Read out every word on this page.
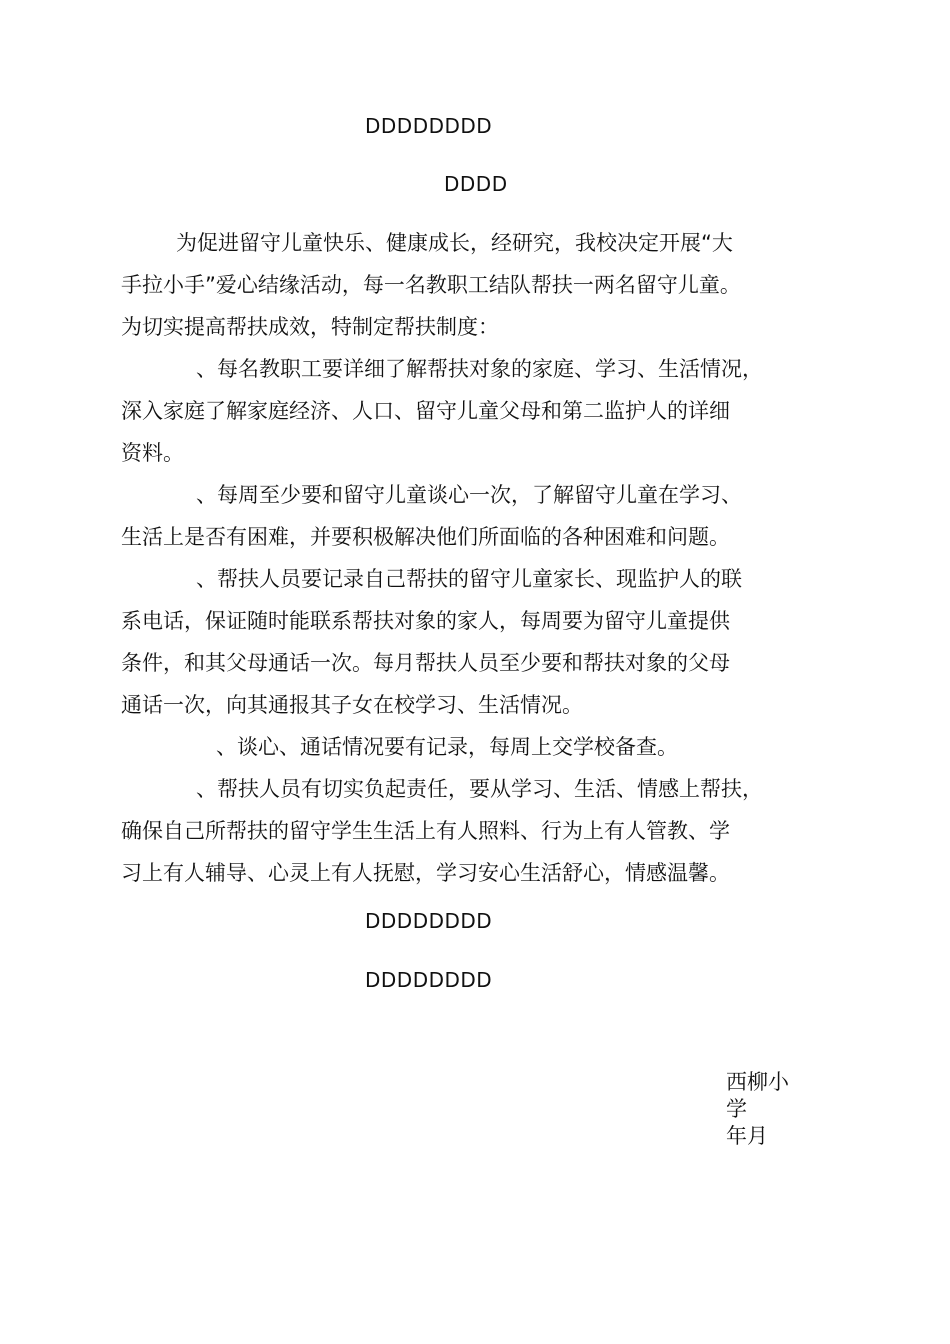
DDDDDDDD
DDDD

为促进留守儿童快乐、健康成长，经研究，我校决定开展“大
手拉小手”爱心结缘活动，每一名教职工结队帮扶一两名留守儿童。
为切实提高帮扶成效，特制定帮扶制度：

、每名教职工要详细了解帮扶对象的家庭、学习、生活情况，
深入家庭了解家庭经济、人口、留守儿童父母和第二监护人的详细
资料。

、每周至少要和留守儿童谈心一次，了解留守儿童在学习、
生活上是否有困难，并要积极解决他们所面临的各种困难和问题。

、帮扶人员要记录自己帮扶的留守儿童家长、现监护人的联
系电话，保证随时能联系帮扶对象的家人，每周要为留守儿童提供
条件，和其父母通话一次。每月帮扶人员至少要和帮扶对象的父母
通话一次，向其通报其子女在校学习、生活情况。

、谈心、通话情况要有记录，每周上交学校备查。

、帮扶人员有切实负起责任，要从学习、生活、情感上帮扶，
确保自己所帮扶的留守学生生活上有人照料、行为上有人管教、学
习上有人辅导、心灵上有人抚慰，学习安心生活舒心，情感温馨。

DDDDDDDD
DDDDDDDD
西柳小
学
年月
